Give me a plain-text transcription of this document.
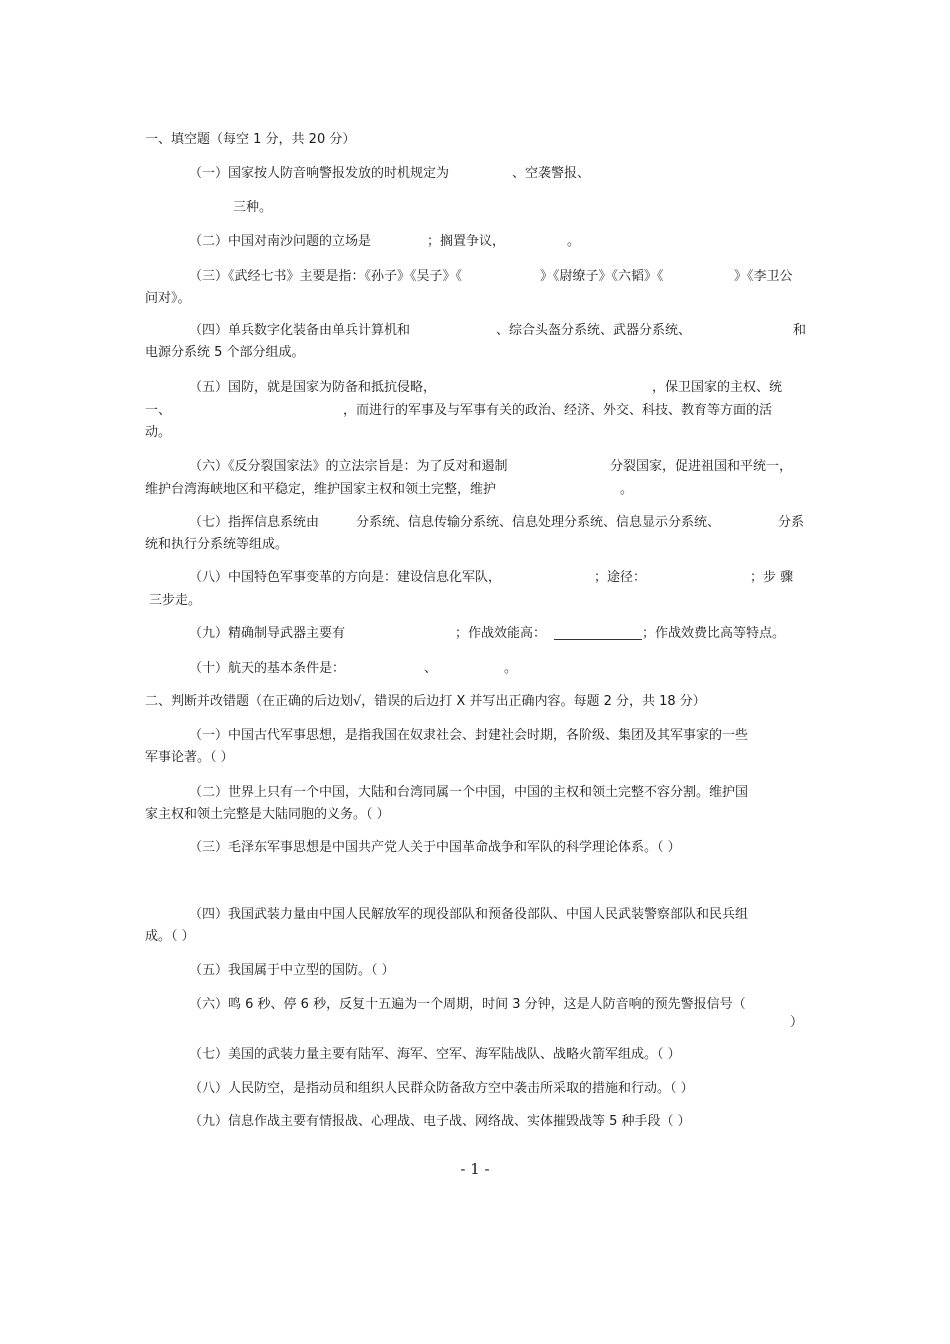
一、填空题（每空 1 分，共 20 分）
（一）国家按人防音响警报发放的时机规定为	、空袭警报、
三种。
（二）中国对南沙问题的立场是	；搁置争议，	。
（三）《武经七书》主要是指：《孙子》《吴子》《	》《尉缭子》《六韬》《	》《李卫公
问对》。
（四）单兵数字化装备由单兵计算机和	、综合头盔分系统、武器分系统、	和
电源分系统 5 个部分组成。
（五）国防，就是国家为防备和抵抗侵略，	，保卫国家的主权、统
一、	，而进行的军事及与军事有关的政治、经济、外交、科技、教育等方面的活
动。
（六）《反分裂国家法》的立法宗旨是：为了反对和遏制	分裂国家，促进祖国和平统一，
维护台湾海峡地区和平稳定，维护国家主权和领土完整，维护	。
（七）指挥信息系统由	分系统、信息传输分系统、信息处理分系统、信息显示分系统、	分系
统和执行分系统等组成。
（八）中国特色军事变革的方向是：建设信息化军队，	；途径：	；步 骤
三步走。
（九）精确制导武器主要有	；作战效能高：	；作战效费比高等特点。
（十）航天的基本条件是：	、	。
二、判断并改错题（在正确的后边划√，错误的后边打 X 并写出正确内容。每题 2 分，共 18 分）
（一）中国古代军事思想，是指我国在奴隶社会、封建社会时期，各阶级、集团及其军事家的一些
军事论著。（ ）
（二）世界上只有一个中国，大陆和台湾同属一个中国，中国的主权和领土完整不容分割。维护国
家主权和领土完整是大陆同胞的义务。（ ）
（三）毛泽东军事思想是中国共产党人关于中国革命战争和军队的科学理论体系。（ ）
（四）我国武装力量由中国人民解放军的现役部队和预备役部队、中国人民武装警察部队和民兵组
成。（ ）
（五）我国属于中立型的国防。（ ）
（六）鸣 6 秒、停 6 秒，反复十五遍为一个周期，时间 3 分钟，这是人防音响的预先警报信号（
）
（七）美国的武装力量主要有陆军、海军、空军、海军陆战队、战略火箭军组成。（ ）
（八）人民防空，是指动员和组织人民群众防备敌方空中袭击所采取的措施和行动。（ ）
（九）信息作战主要有情报战、心理战、电子战、网络战、实体摧毁战等 5 种手段（ ）
- 1 -
